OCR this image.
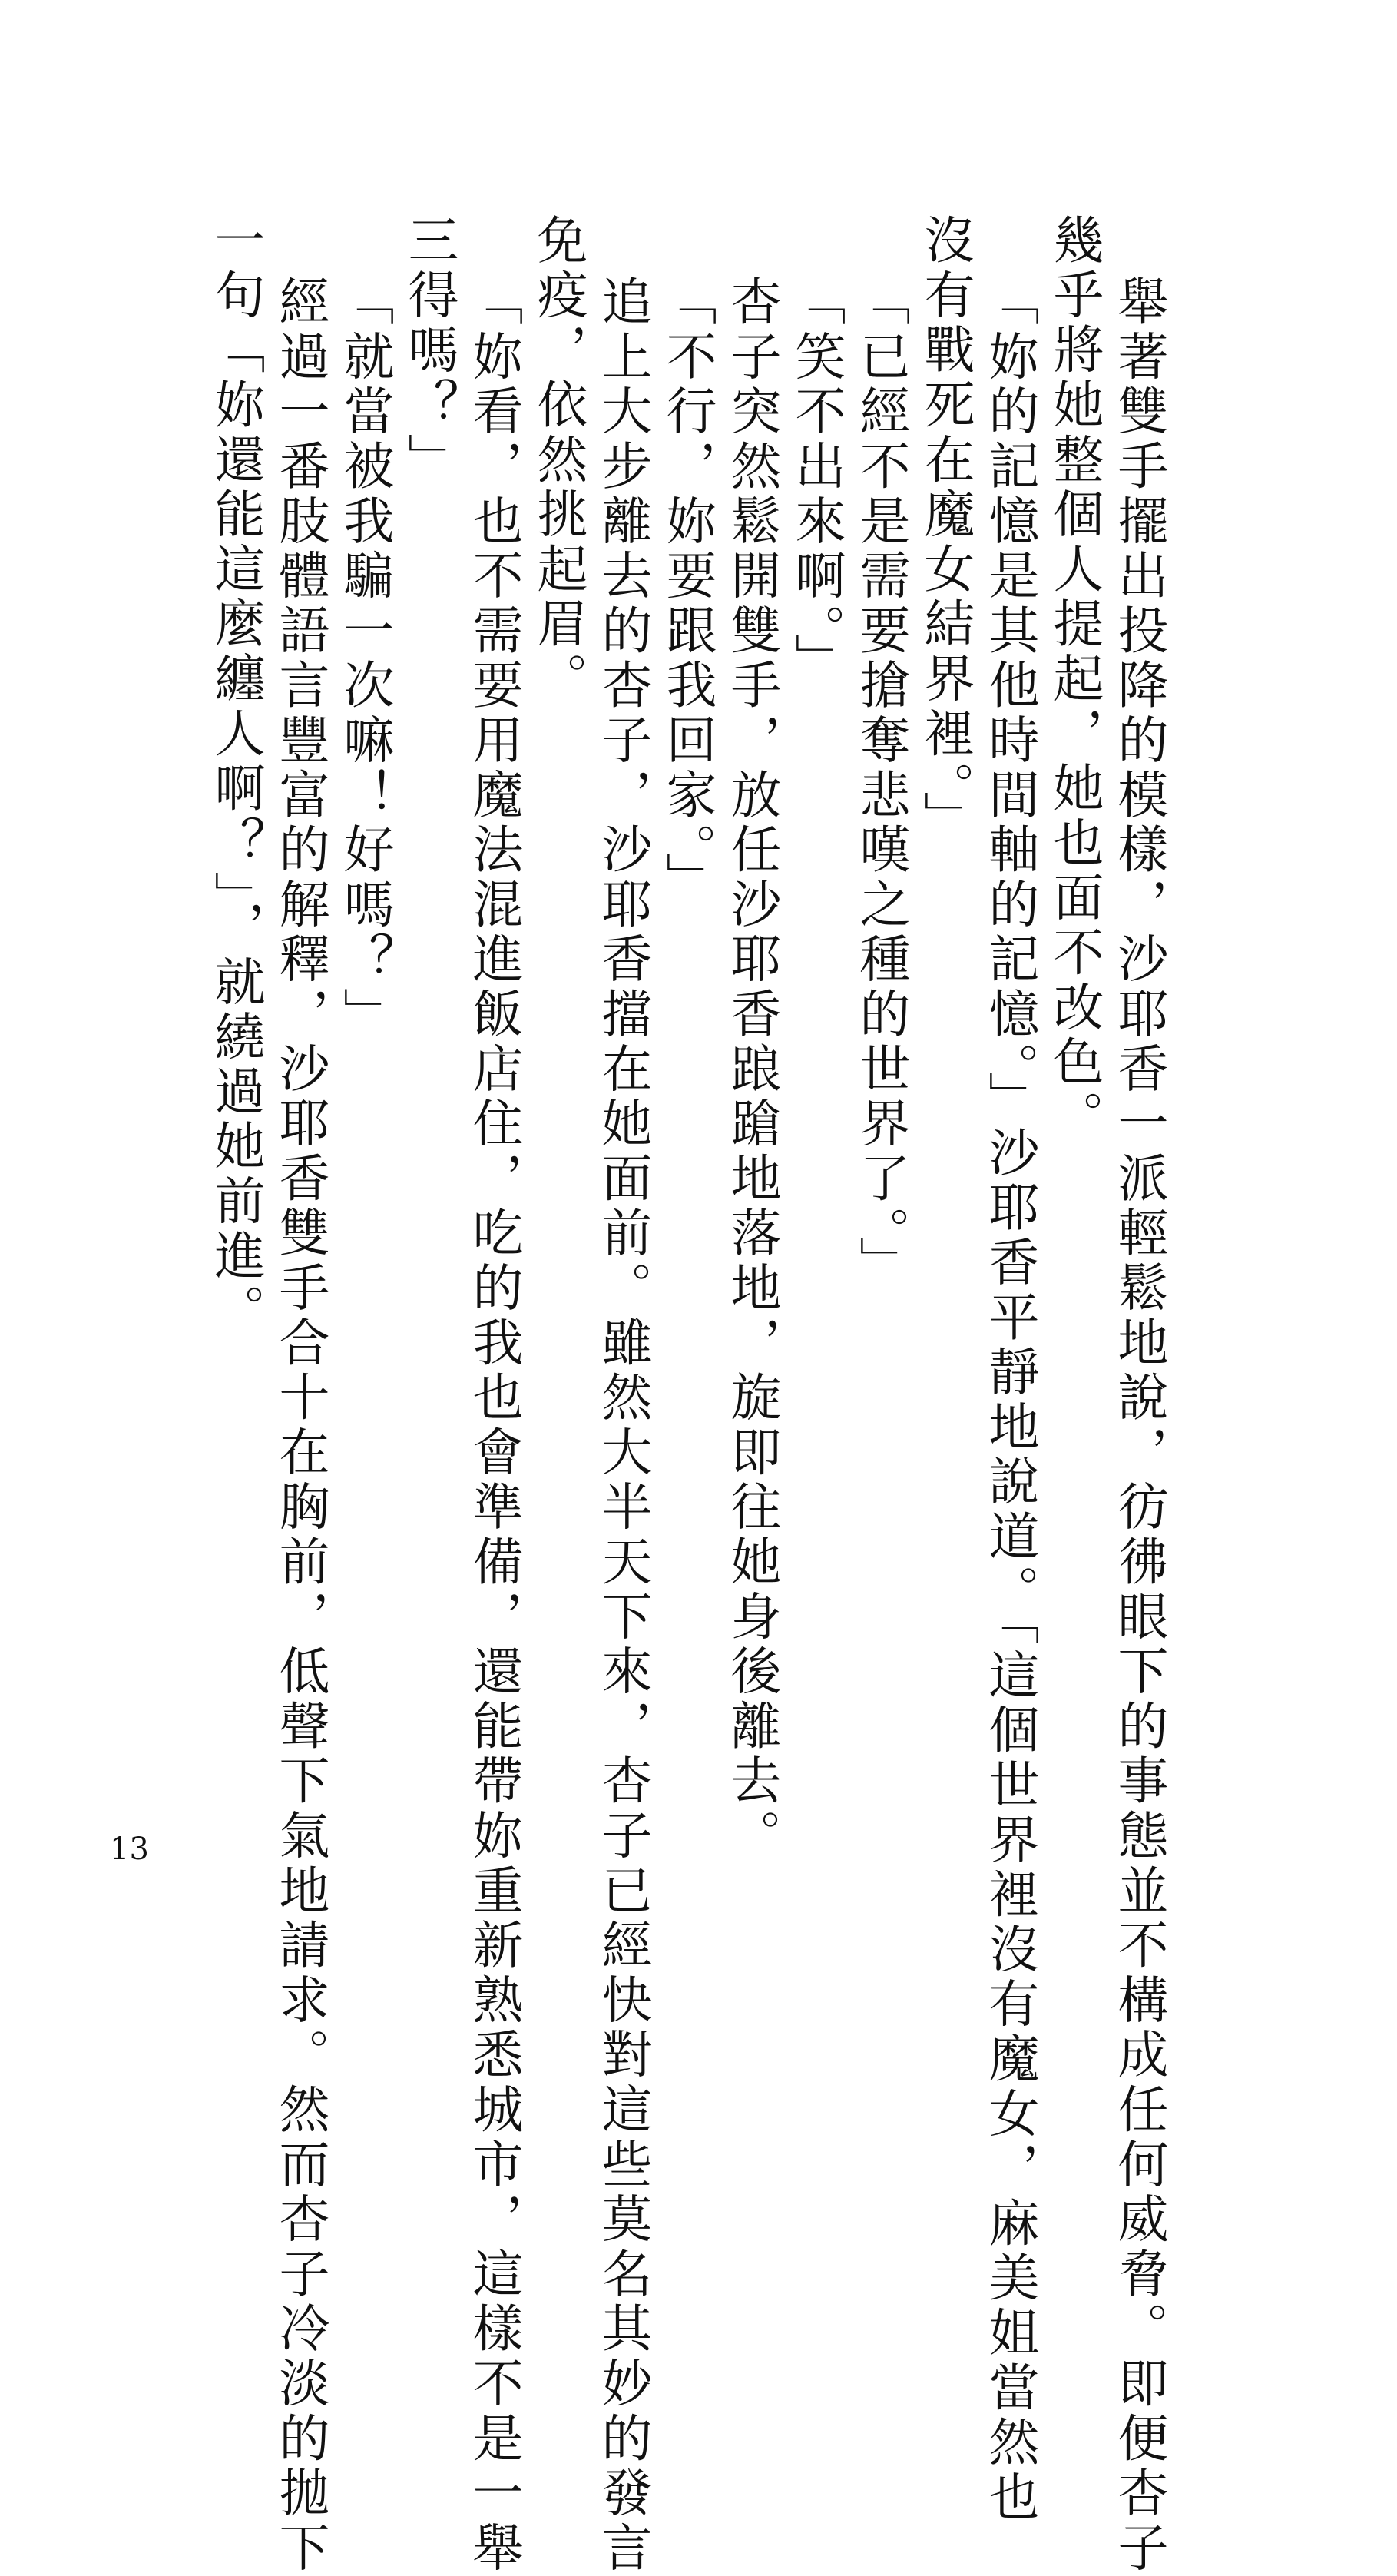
舉著雙手擺出投降的模樣，沙耶香一派輕鬆地說，彷彿眼下的事態並不構成任何威脅。即便杏子
幾乎將她整個人提起，她也面不改色。
「妳的記憶是其他時間軸的記憶。」沙耶香平靜地說道。「這個世界裡沒有魔女，麻美姐當然也
沒有戰死在魔女結界裡。」
「已經不是需要搶奪悲嘆之種的世界了。」
「笑不出來啊。」
杏子突然鬆開雙手，放任沙耶香踉蹌地落地，旋即往她身後離去。
「不行，妳要跟我回家。」
追上大步離去的杏子，沙耶香擋在她面前。雖然大半天下來，杏子已經快對這些莫名其妙的發言
免疫，依然挑起眉。
「妳看，也不需要用魔法混進飯店住，吃的我也會準備，還能帶妳重新熟悉城市，這樣不是一舉
三得嗎？」
「就當被我騙一次嘛！好嗎？」
經過一番肢體語言豐富的解釋，沙耶香雙手合十在胸前，低聲下氣地請求。然而杏子冷淡的拋下
一句「妳還能這麼纏人啊？」，就繞過她前進。
13
